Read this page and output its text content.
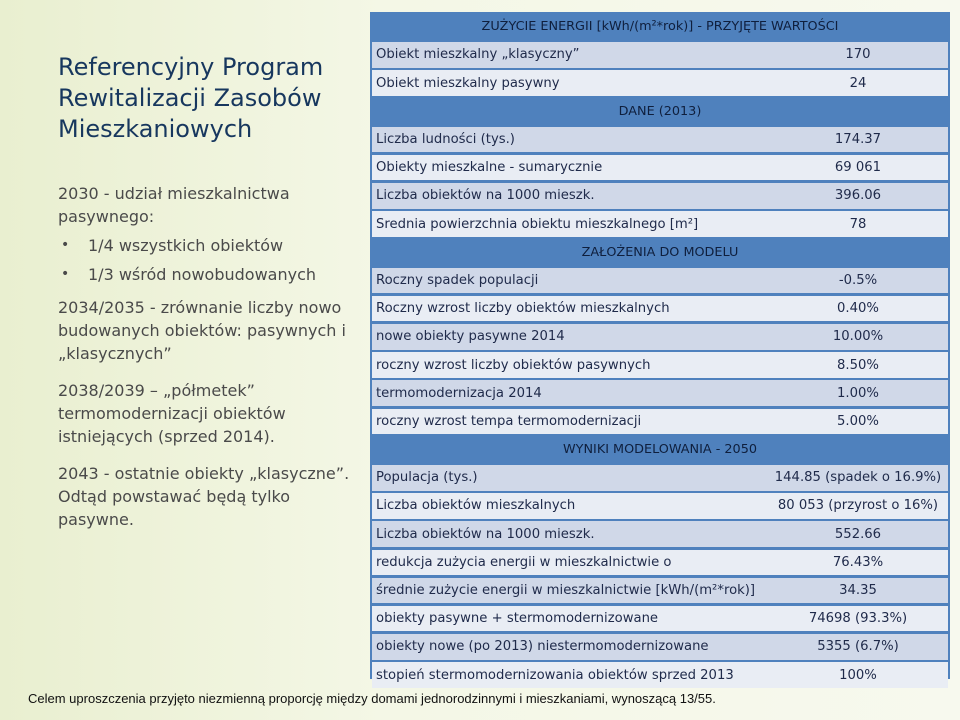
Referencyjny Program
Rewitalizacji Zasobów
Mieszkaniowych

2030 - udział mieszkalnictwa pasywnego:

• 1/4 wszystkich obiektów
• 1/3 wśród nowobudowanych

2034/2035 - zrównanie liczby nowo budowanych obiektów: pasywnych i „klasycznych”

2038/2039 – „półmetek” termomodernizacji obiektów istniejących (sprzed 2014).

2043 - ostatnie obiekty „klasyczne”. Odtąd powstawać będą tylko pasywne.

ZUŻYCIE ENERGII [kWh/(m²*rok)] - PRZYJĘTE WARTOŚCI
Obiekt mieszkalny „klasyczny”	170
Obiekt mieszkalny pasywny	24
DANE (2013)
Liczba ludności (tys.)	174.37
Obiekty mieszkalne - sumarycznie	69 061
Liczba obiektów na 1000 mieszk.	396.06
Średnia powierzchnia obiektu mieszkalnego [m²]	78
ZAŁOŻENIA DO MODELU
Roczny spadek populacji	-0.5%
Roczny wzrost liczby obiektów mieszkalnych	0.40%
nowe obiekty pasywne 2014	10.00%
roczny wzrost liczby obiektów pasywnych	8.50%
termomodernizacja 2014	1.00%
roczny wzrost tempa termomodernizacji	5.00%
WYNIKI MODELOWANIA - 2050
Populacja (tys.)	144.85 (spadek o 16.9%)
Liczba obiektów mieszkalnych	80 053 (przyrost o 16%)
Liczba obiektów na 1000 mieszk.	552.66
redukcja zużycia energii w mieszkalnictwie o	76.43%
średnie zużycie energii w mieszkalnictwie [kWh/(m²*rok)]	34.35
obiekty pasywne + stermomodernizowane	74698 (93.3%)
obiekty nowe (po 2013) niestermomodernizowane	5355 (6.7%)
stopień stermomodernizowania obiektów sprzed 2013	100%
Celem uproszczenia przyjęto niezmienną proporcję między domami jednorodzinnymi i mieszkaniami, wynoszącą 13/55.
